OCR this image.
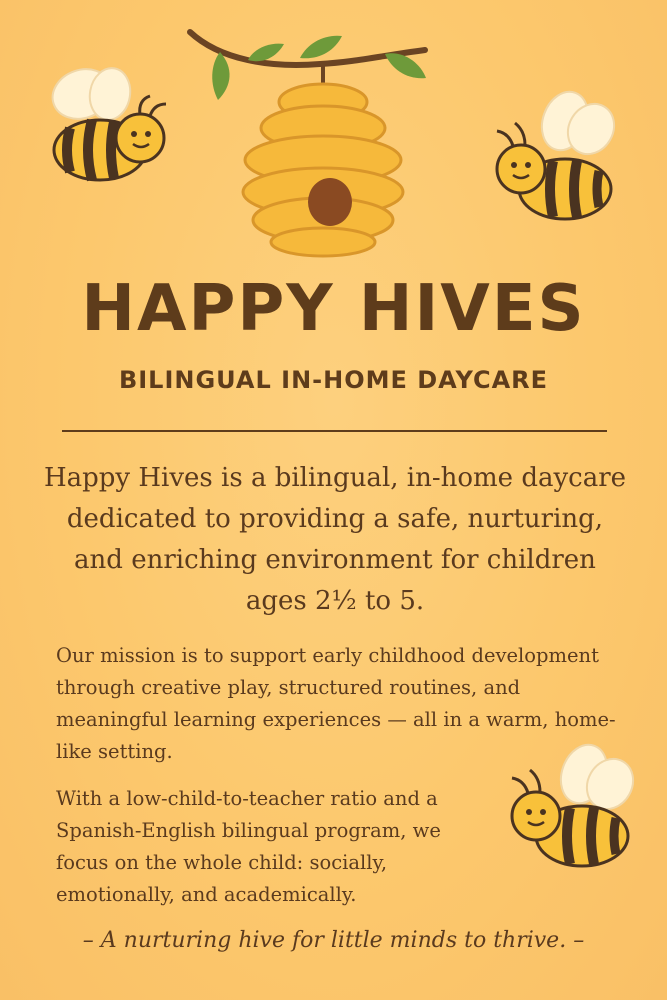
HAPPY HIVES
BILINGUAL IN-HOME DAYCARE

Happy Hives is a bilingual, in-home daycare dedicated to providing a safe, nurturing, and enriching environment for children ages 2½ to 5.

Our mission is to support early childhood development through creative play, structured routines, and meaningful learning experiences — all in a warm, home-like setting.

With a low-child-to-teacher ratio and a Spanish-English bilingual program, we focus on the whole child: socially, emotionally, and academically.

– A nurturing hive for little minds to thrive. –
